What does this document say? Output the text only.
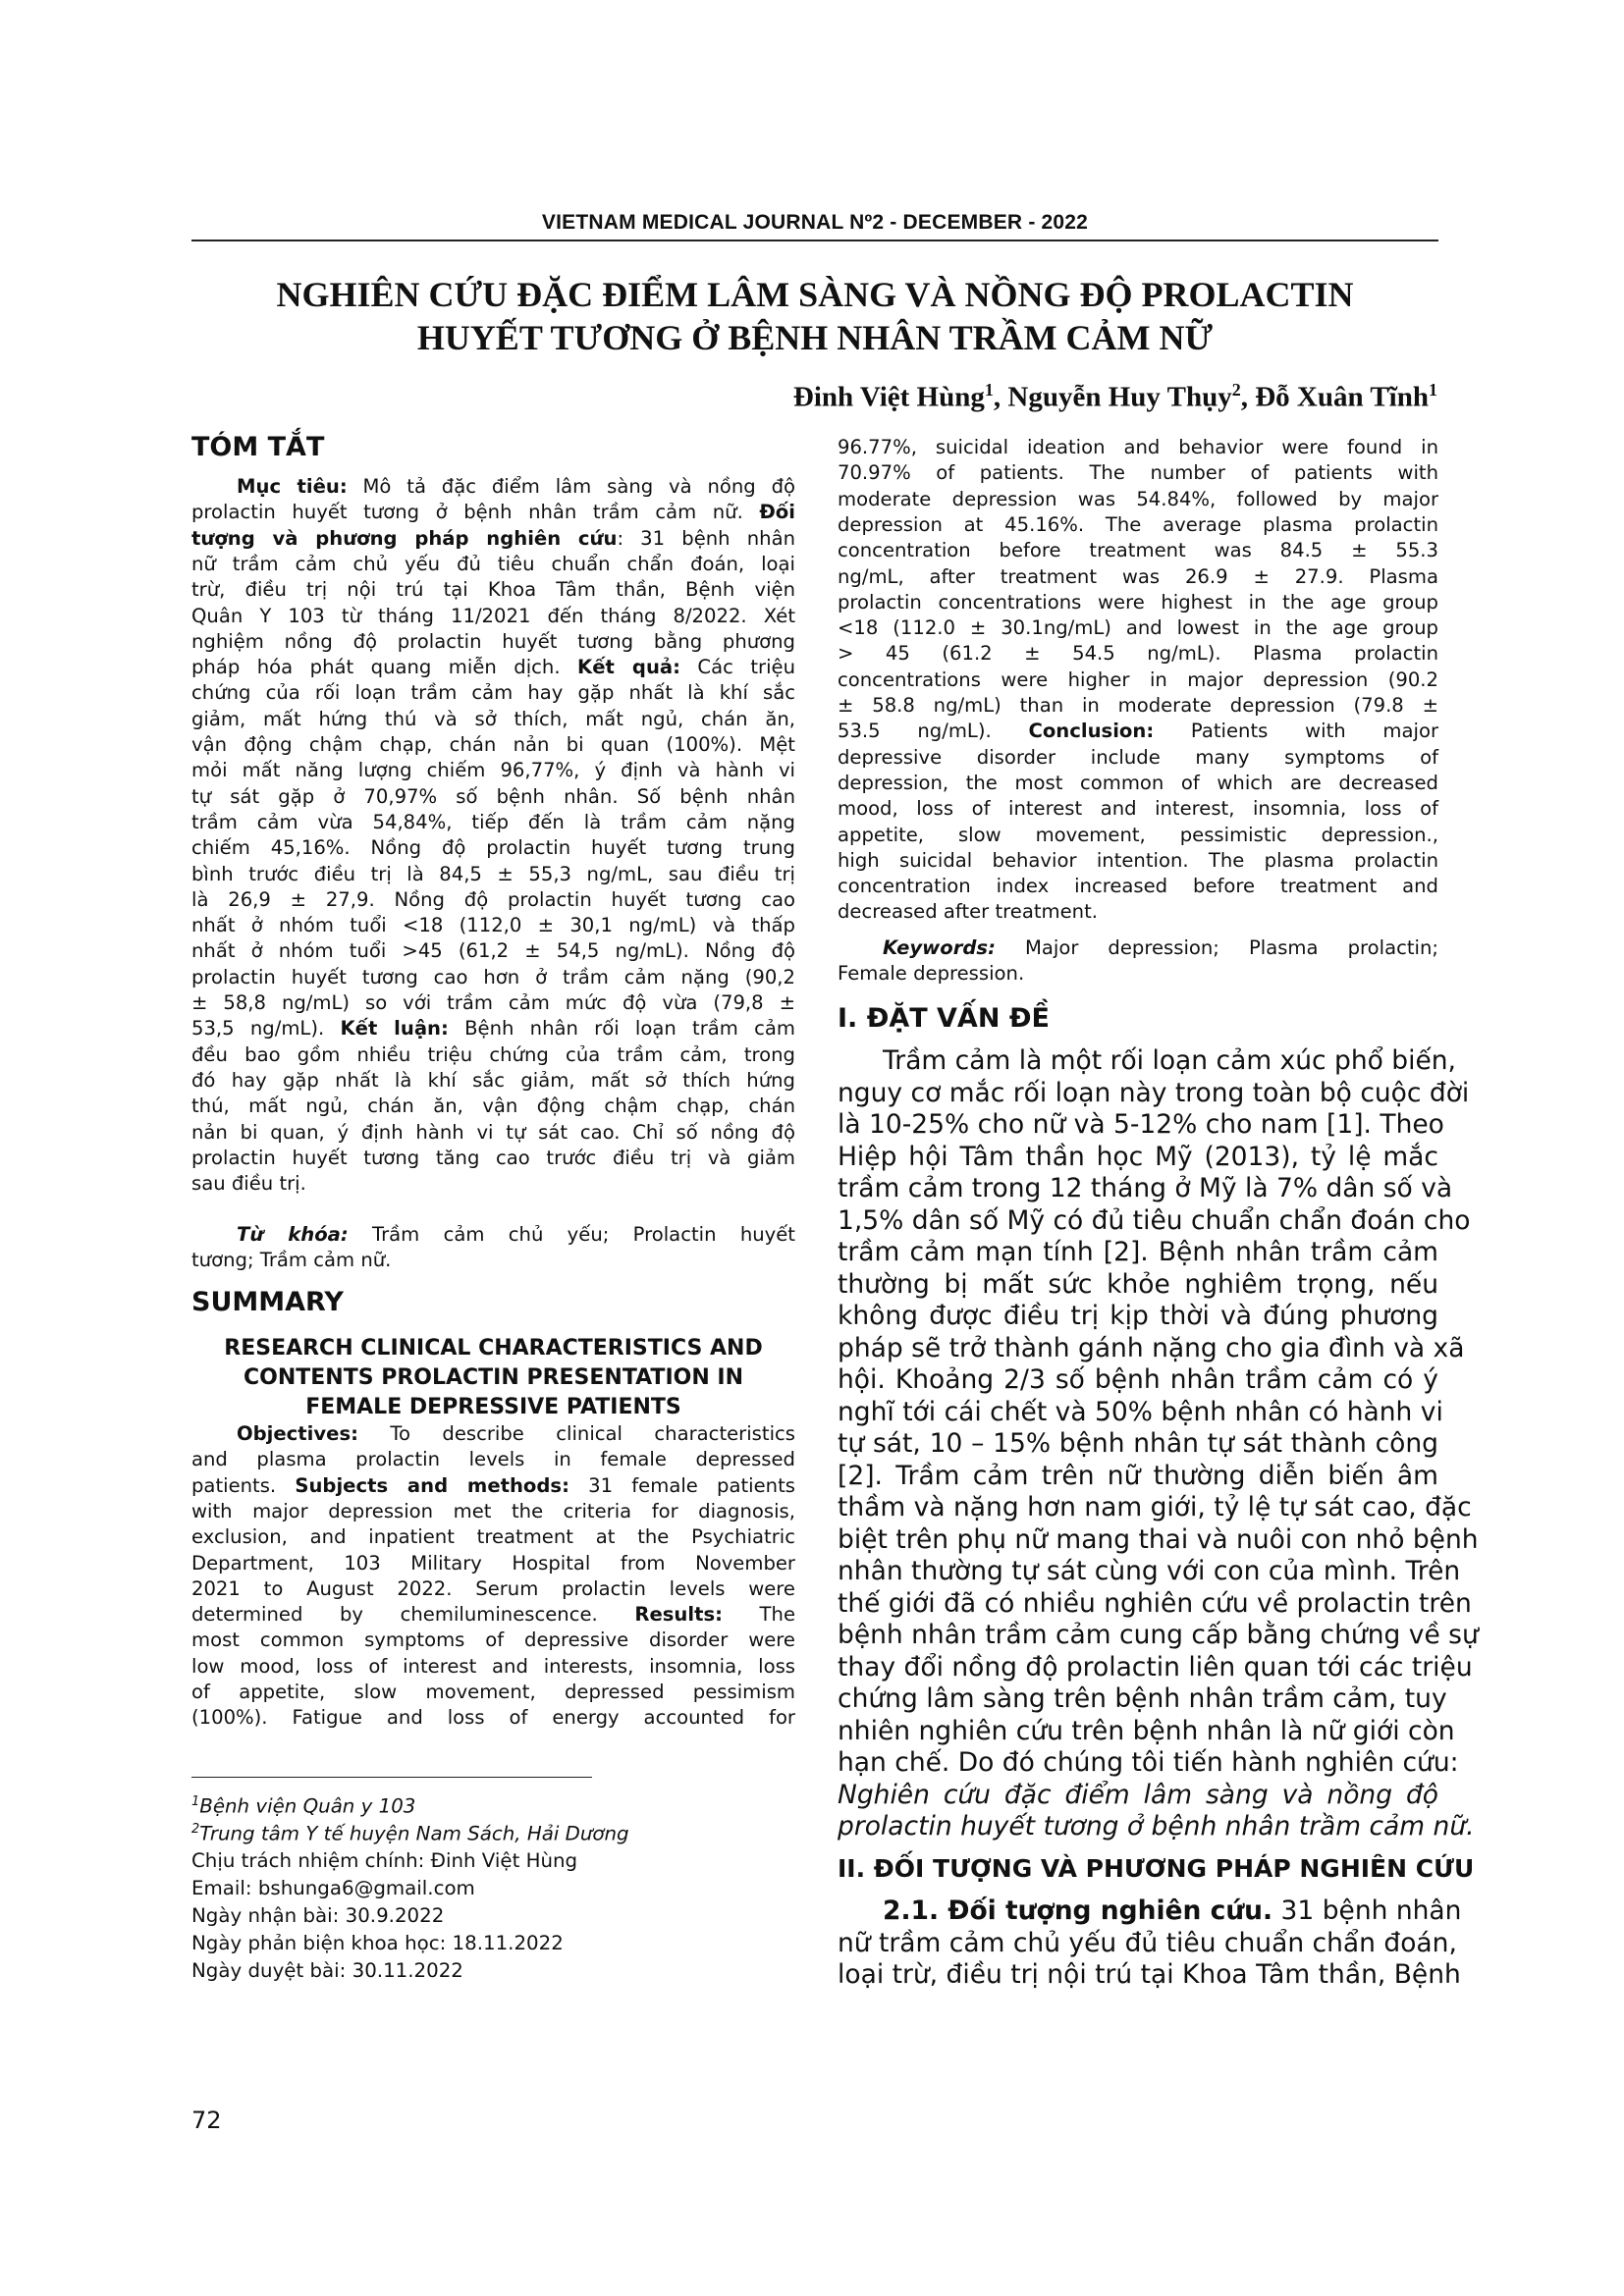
VIETNAM MEDICAL JOURNAL Nº2 - DECEMBER - 2022
NGHIÊN CỨU ĐẶC ĐIỂM LÂM SÀNG VÀ NỒNG ĐỘ PROLACTIN
HUYẾT TƯƠNG Ở BỆNH NHÂN TRẦM CẢM NỮ
Đinh Việt Hùng$^1$, Nguyễn Huy Thụy$^2$, Đỗ Xuân Tĩnh$^1$
TÓM TẮT
Mục tiêu: Mô tả đặc điểm lâm sàng và nồng độ
prolactin huyết tương ở bệnh nhân trầm cảm nữ. Đối
tượng và phương pháp nghiên cứu: 31 bệnh nhân
nữ trầm cảm chủ yếu đủ tiêu chuẩn chẩn đoán, loại
trừ, điều trị nội trú tại Khoa Tâm thần, Bệnh viện
Quân Y 103 từ tháng 11/2021 đến tháng 8/2022. Xét
nghiệm nồng độ prolactin huyết tương bằng phương
pháp hóa phát quang miễn dịch. Kết quả: Các triệu
chứng của rối loạn trầm cảm hay gặp nhất là khí sắc
giảm, mất hứng thú và sở thích, mất ngủ, chán ăn,
vận động chậm chạp, chán nản bi quan (100%). Mệt
mỏi mất năng lượng chiếm 96,77%, ý định và hành vi
tự sát gặp ở 70,97% số bệnh nhân. Số bệnh nhân
trầm cảm vừa 54,84%, tiếp đến là trầm cảm nặng
chiếm 45,16%. Nồng độ prolactin huyết tương trung
bình trước điều trị là 84,5 ± 55,3 ng/mL, sau điều trị
là 26,9 ± 27,9. Nồng độ prolactin huyết tương cao
nhất ở nhóm tuổi <18 (112,0 ± 30,1 ng/mL) và thấp
nhất ở nhóm tuổi >45 (61,2 ± 54,5 ng/mL). Nồng độ
prolactin huyết tương cao hơn ở trầm cảm nặng (90,2
± 58,8 ng/mL) so với trầm cảm mức độ vừa (79,8 ±
53,5 ng/mL). Kết luận: Bệnh nhân rối loạn trầm cảm
đều bao gồm nhiều triệu chứng của trầm cảm, trong
đó hay gặp nhất là khí sắc giảm, mất sở thích hứng
thú, mất ngủ, chán ăn, vận động chậm chạp, chán
nản bi quan, ý định hành vi tự sát cao. Chỉ số nồng độ
prolactin huyết tương tăng cao trước điều trị và giảm
sau điều trị.
Từ khóa: Trầm cảm chủ yếu; Prolactin huyết
tương; Trầm cảm nữ.
SUMMARY
RESEARCH CLINICAL CHARACTERISTICS AND
CONTENTS PROLACTIN PRESENTATION IN
FEMALE DEPRESSIVE PATIENTS
Objectives: To describe clinical characteristics
and plasma prolactin levels in female depressed
patients. Subjects and methods: 31 female patients
with major depression met the criteria for diagnosis,
exclusion, and inpatient treatment at the Psychiatric
Department, 103 Military Hospital from November
2021 to August 2022. Serum prolactin levels were
determined by chemiluminescence. Results: The
most common symptoms of depressive disorder were
low mood, loss of interest and interests, insomnia, loss
of appetite, slow movement, depressed pessimism
(100%). Fatigue and loss of energy accounted for
96.77%, suicidal ideation and behavior were found in
70.97% of patients. The number of patients with
moderate depression was 54.84%, followed by major
depression at 45.16%. The average plasma prolactin
concentration before treatment was 84.5 ± 55.3
ng/mL, after treatment was 26.9 ± 27.9. Plasma
prolactin concentrations were highest in the age group
<18 (112.0 ± 30.1ng/mL) and lowest in the age group
> 45 (61.2 ± 54.5 ng/mL). Plasma prolactin
concentrations were higher in major depression (90.2
± 58.8 ng/mL) than in moderate depression (79.8 ±
53.5 ng/mL). Conclusion: Patients with major
depressive disorder include many symptoms of
depression, the most common of which are decreased
mood, loss of interest and interest, insomnia, loss of
appetite, slow movement, pessimistic depression.,
high suicidal behavior intention. The plasma prolactin
concentration index increased before treatment and
decreased after treatment.
Keywords: Major depression; Plasma prolactin;
Female depression.
I. ĐẶT VẤN ĐỀ
Trầm cảm là một rối loạn cảm xúc phổ biến,
nguy cơ mắc rối loạn này trong toàn bộ cuộc đời
là 10-25% cho nữ và 5-12% cho nam [1]. Theo
Hiệp hội Tâm thần học Mỹ (2013), tỷ lệ mắc
trầm cảm trong 12 tháng ở Mỹ là 7% dân số và
1,5% dân số Mỹ có đủ tiêu chuẩn chẩn đoán cho
trầm cảm mạn tính [2]. Bệnh nhân trầm cảm
thường bị mất sức khỏe nghiêm trọng, nếu
không được điều trị kịp thời và đúng phương
pháp sẽ trở thành gánh nặng cho gia đình và xã
hội. Khoảng 2/3 số bệnh nhân trầm cảm có ý
nghĩ tới cái chết và 50% bệnh nhân có hành vi
tự sát, 10 – 15% bệnh nhân tự sát thành công
[2]. Trầm cảm trên nữ thường diễn biến âm
thầm và nặng hơn nam giới, tỷ lệ tự sát cao, đặc
biệt trên phụ nữ mang thai và nuôi con nhỏ bệnh
nhân thường tự sát cùng với con của mình. Trên
thế giới đã có nhiều nghiên cứu về prolactin trên
bệnh nhân trầm cảm cung cấp bằng chứng về sự
thay đổi nồng độ prolactin liên quan tới các triệu
chứng lâm sàng trên bệnh nhân trầm cảm, tuy
nhiên nghiên cứu trên bệnh nhân là nữ giới còn
hạn chế. Do đó chúng tôi tiến hành nghiên cứu:
Nghiên cứu đặc điểm lâm sàng và nồng độ
prolactin huyết tương ở bệnh nhân trầm cảm nữ.
II. ĐỐI TƯỢNG VÀ PHƯƠNG PHÁP NGHIÊN CỨU
2.1. Đối tượng nghiên cứu. 31 bệnh nhân
nữ trầm cảm chủ yếu đủ tiêu chuẩn chẩn đoán,
loại trừ, điều trị nội trú tại Khoa Tâm thần, Bệnh
$^1$Bệnh viện Quân y 103
$^2$Trung tâm Y tế huyện Nam Sách, Hải Dương
Chịu trách nhiệm chính: Đinh Việt Hùng
Email: bshunga6@gmail.com
Ngày nhận bài: 30.9.2022
Ngày phản biện khoa học: 18.11.2022
Ngày duyệt bài: 30.11.2022
72
